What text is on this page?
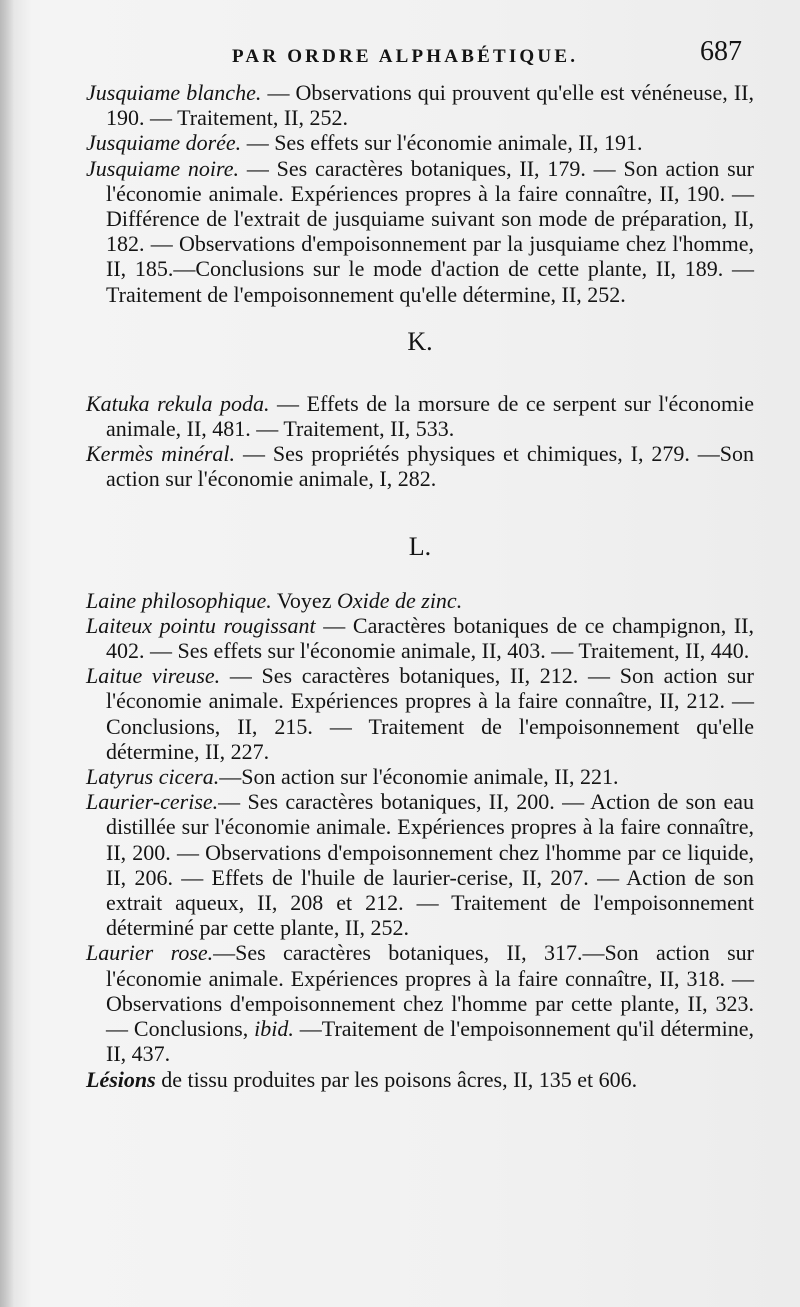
PAR ORDRE ALPHABÉTIQUE.	687

Jusquiame blanche. — Observations qui prouvent qu'elle est vénéneuse, II, 190. — Traitement, II, 252.

Jusquiame dorée. — Ses effets sur l'économie animale, II, 191.

Jusquiame noire. — Ses caractères botaniques, II, 179. — Son action sur l'économie animale. Expériences propres à la faire connaître, II, 190. — Différence de l'extrait de jusquiame suivant son mode de préparation, II, 182. — Observations d'empoisonnement par la jusquiame chez l'homme, II, 185.—Conclusions sur le mode d'action de cette plante, II, 189. — Traitement de l'empoisonnement qu'elle détermine, II, 252.

K.

Katuka rekula poda. — Effets de la morsure de ce serpent sur l'économie animale, II, 481. — Traitement, II, 533.

Kermès minéral. — Ses propriétés physiques et chimiques, I, 279. —Son action sur l'économie animale, I, 282.

L.

Laine philosophique. Voyez Oxide de zinc.

Laiteux pointu rougissant — Caractères botaniques de ce champignon, II, 402. — Ses effets sur l'économie animale, II, 403. — Traitement, II, 440.

Laitue vireuse. — Ses caractères botaniques, II, 212. — Son action sur l'économie animale. Expériences propres à la faire connaître, II, 212. — Conclusions, II, 215. — Traitement de l'empoisonnement qu'elle détermine, II, 227.

Latyrus cicera.—Son action sur l'économie animale, II, 221.

Laurier-cerise.— Ses caractères botaniques, II, 200. — Action de son eau distillée sur l'économie animale. Expériences propres à la faire connaître, II, 200. — Observations d'empoisonnement chez l'homme par ce liquide, II, 206. — Effets de l'huile de laurier-cerise, II, 207. — Action de son extrait aqueux, II, 208 et 212. — Traitement de l'empoisonnement déterminé par cette plante, II, 252.

Laurier rose.—Ses caractères botaniques, II, 317.—Son action sur l'économie animale. Expériences propres à la faire connaître, II, 318. — Observations d'empoisonnement chez l'homme par cette plante, II, 323. — Conclusions, ibid. —Traitement de l'empoisonnement qu'il détermine, II, 437.

Lésions de tissu produites par les poisons âcres, II, 135 et 606.
